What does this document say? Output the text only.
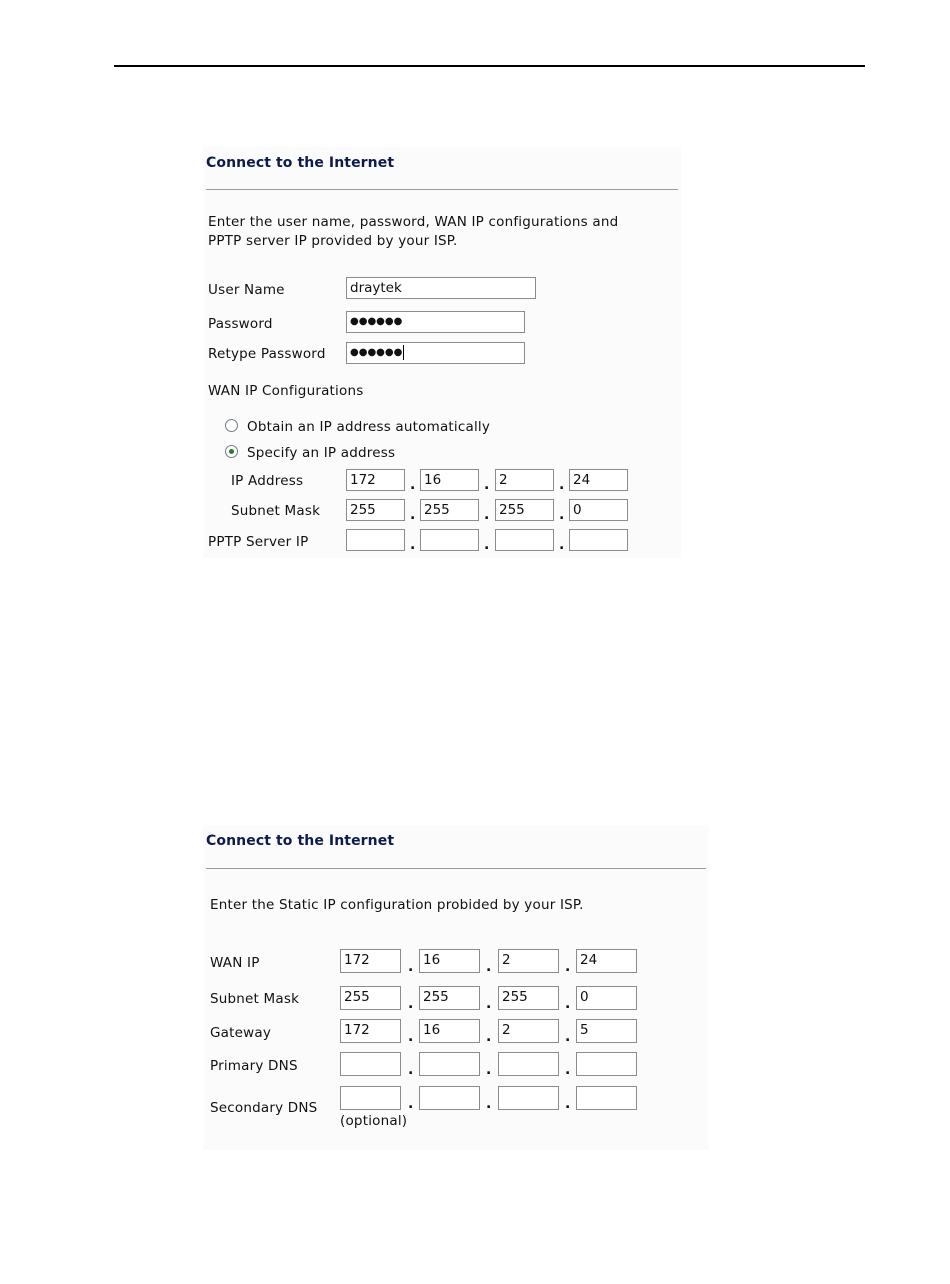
Connect to the Internet
Enter the user name, password, WAN IP configurations and
PPTP server IP provided by your ISP.
User Name	draytek
Password	●●●●●●
Retype Password	●●●●●●
WAN IP Configurations
Obtain an IP address automatically
Specify an IP address
IP Address	172	. 16	. 2	. 24
Subnet Mask 255	. 255	. 255	. 0
PPTP Server IP	.	.	.
Connect to the Internet
Enter the Static IP configuration probided by your ISP.
WAN IP	172	. 16	. 2	. 24
Subnet Mask	255	. 255	. 255	. 0
Gateway	172	. 16	. 2	. 5
Primary DNS	.	.	.
Secondary DNS	.	.	.
(optional)
